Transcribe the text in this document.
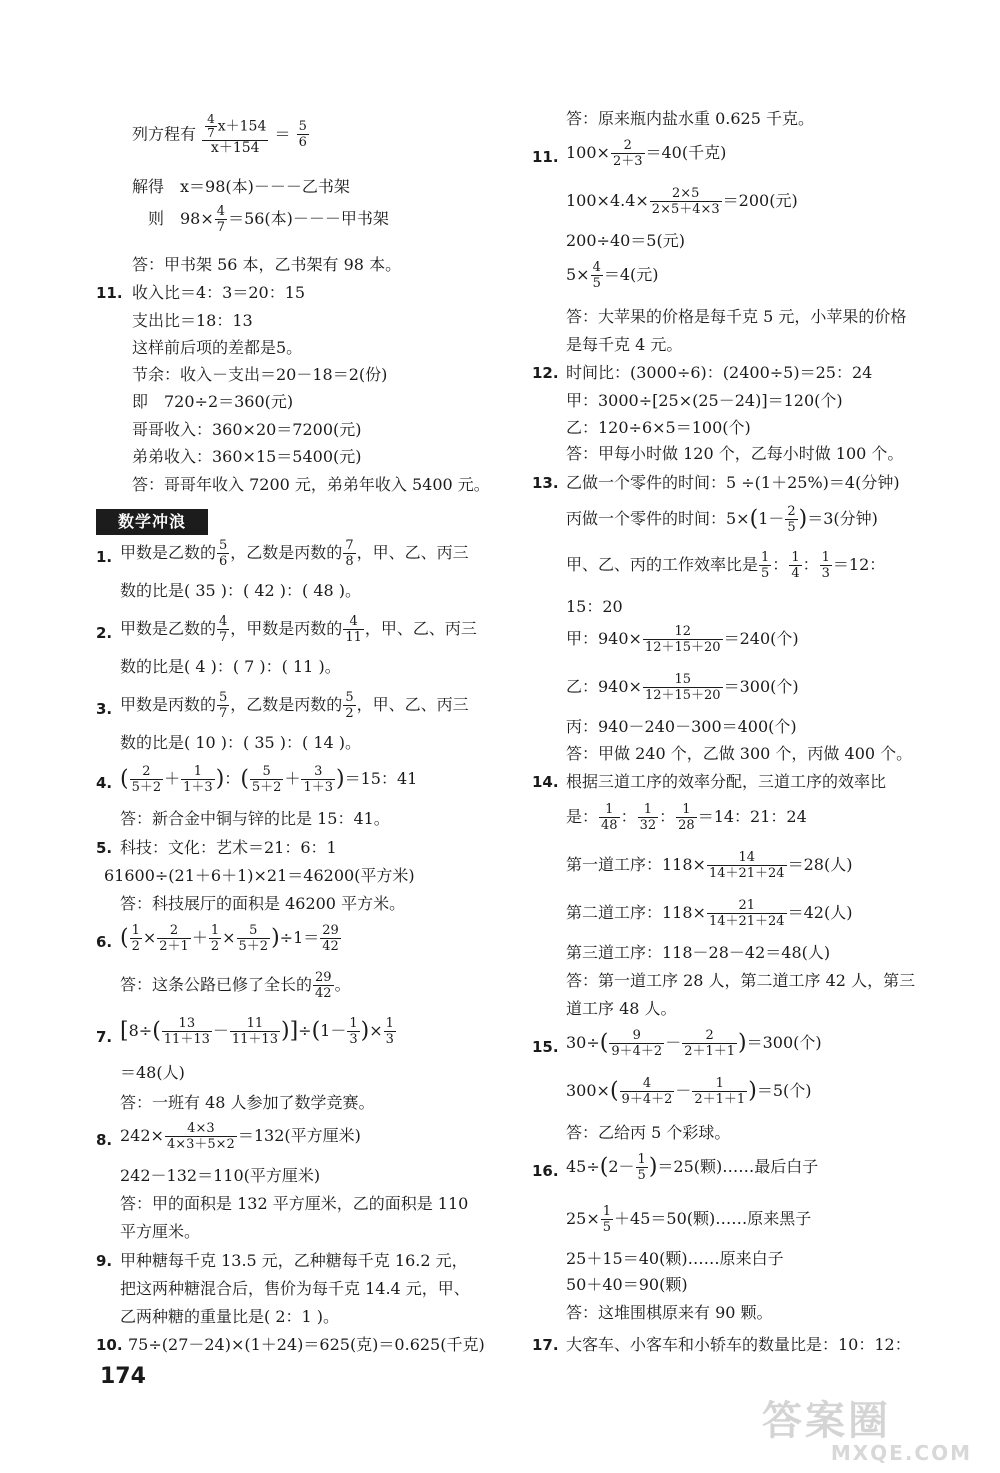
列方程有 $\frac{\frac{4}{7} x+154}{x+154} = \frac{5}{6}$
解得　x＝98(本)－－－乙书架
则　$98\times \frac{4}{7} =56$(本)－－－甲书架
答：甲书架 56 本，乙书架有 98 本。
11. 收入比＝4：3＝20：15
支出比＝18：13
这样前后项的差都是5。
节余：收入－支出＝20－18＝2(份)
即　720÷2＝360(元)
哥哥收入：360×20＝7200(元)
弟弟收入：360×15＝5400(元)
答：哥哥年收入 7200 元，弟弟年收入 5400 元。
数学冲浪
1. 甲数是乙数的 $\frac{5}{6}$ ，乙数是丙数的 $\frac{7}{8}$ ，甲、乙、丙三
数的比是( 35 )：( 42 )：( 48 )。
2. 甲数是乙数的 $\frac{4}{7}$ ，甲数是丙数的 $\frac{4}{11}$ ，甲、乙、丙三
数的比是( 4 )：( 7 )：( 11 )。
3. 甲数是丙数的 $\frac{5}{7}$ ，乙数是丙数的 $\frac{5}{2}$ ，甲、乙、丙三
数的比是( 10 )：( 35 )：( 14 )。
4. ( $\frac{2}{5+2} + \frac{1}{1+3}$ )：( $\frac{5}{5+2} + \frac{3}{1+3} )=15$：41
答：新合金中铜与锌的比是 15：41。
5. 科技：文化：艺术＝21：6：1
61600÷(21＋6＋1)×21＝46200(平方米)
答：科技展厅的面积是 46200 平方米。
6. ( $\frac{1}{2} \times \frac{2}{2+1} + \frac{1}{2} \times \frac{5}{5+2} )\div 1= \frac{29}{42}$
答：这条公路已修了全长的 $\frac{29}{42}$ 。
7. $[8\div( \frac{13}{11+13} - \frac{11}{11+13} )]\div(1- \frac{1}{3}$ )× $\frac{1}{3}$
＝48(人)
答：一班有 48 人参加了数学竞赛。
8. $242\times \frac{4\times 3}{4\times 3+5\times 2} =132$(平方厘米)
242－132＝110(平方厘米)
答：甲的面积是 132 平方厘米，乙的面积是 110
平方厘米。
9. 甲种糖每千克 13.5 元，乙种糖每千克 16.2 元，
把这两种糖混合后，售价为每千克 14.4 元，甲、
乙两种糖的重量比是( 2：1 )。
10. 75÷(27－24)×(1＋24)＝625(克)＝0.625(千克)
答：原来瓶内盐水重 0.625 千克。
11. $100\times \frac{2}{2+3} =40$(千克)
$100\times 4.4\times \frac{2\times 5}{2\times 5+4\times 3} =200$(元)
200÷40＝5(元)
$5\times \frac{4}{5} =4$(元)
答：大苹果的价格是每千克 5 元，小苹果的价格
是每千克 4 元。
12. 时间比：(3000÷6)：(2400÷5)＝25：24
甲：3000÷[25×(25－24)]＝120(个)
乙：120÷6×5＝100(个)
答：甲每小时做 120 个，乙每小时做 100 个。
13. 乙做一个零件的时间：5 ÷(1＋25%)＝4(分钟)
丙做一个零件的时间：$5\times(1- \frac{2}{5} )=3$(分钟)
甲、乙、丙的工作效率比是 $\frac{1}{5}$ ： $\frac{1}{4}$ ： $\frac{1}{3} =12$：
15：20
甲：$940\times \frac{12}{12+15+20} =240$(个)
乙：$940\times \frac{15}{12+15+20} =300$(个)
丙：940－240－300＝400(个)
答：甲做 240 个，乙做 300 个，丙做 400 个。
14. 根据三道工序的效率分配，三道工序的效率比
是： $\frac{1}{48}$ ： $\frac{1}{32}$ ： $\frac{1}{28} =14$：21：24
第一道工序：$118\times \frac{14}{14+21+24} =28$(人)
第二道工序：$118\times \frac{21}{14+21+24} =42$(人)
第三道工序：118－28－42＝48(人)
答：第一道工序 28 人，第二道工序 42 人，第三
道工序 48 人。
15. $30\div( \frac{9}{9+4+2} - \frac{2}{2+1+1} )=300$(个)
$300\times( \frac{4}{9+4+2} - \frac{1}{2+1+1} )=5$(个)
答：乙给丙 5 个彩球。
16. $45\div(2- \frac{1}{5} )=25$(颗)……最后白子
$25\times \frac{1}{5} +45=50$(颗)……原来黑子
25＋15＝40(颗)……原来白子
50＋40＝90(颗)
答：这堆围棋原来有 90 颗。
17. 大客车、小客车和小轿车的数量比是：10：12：
174
答案圈
MXQE.COM
